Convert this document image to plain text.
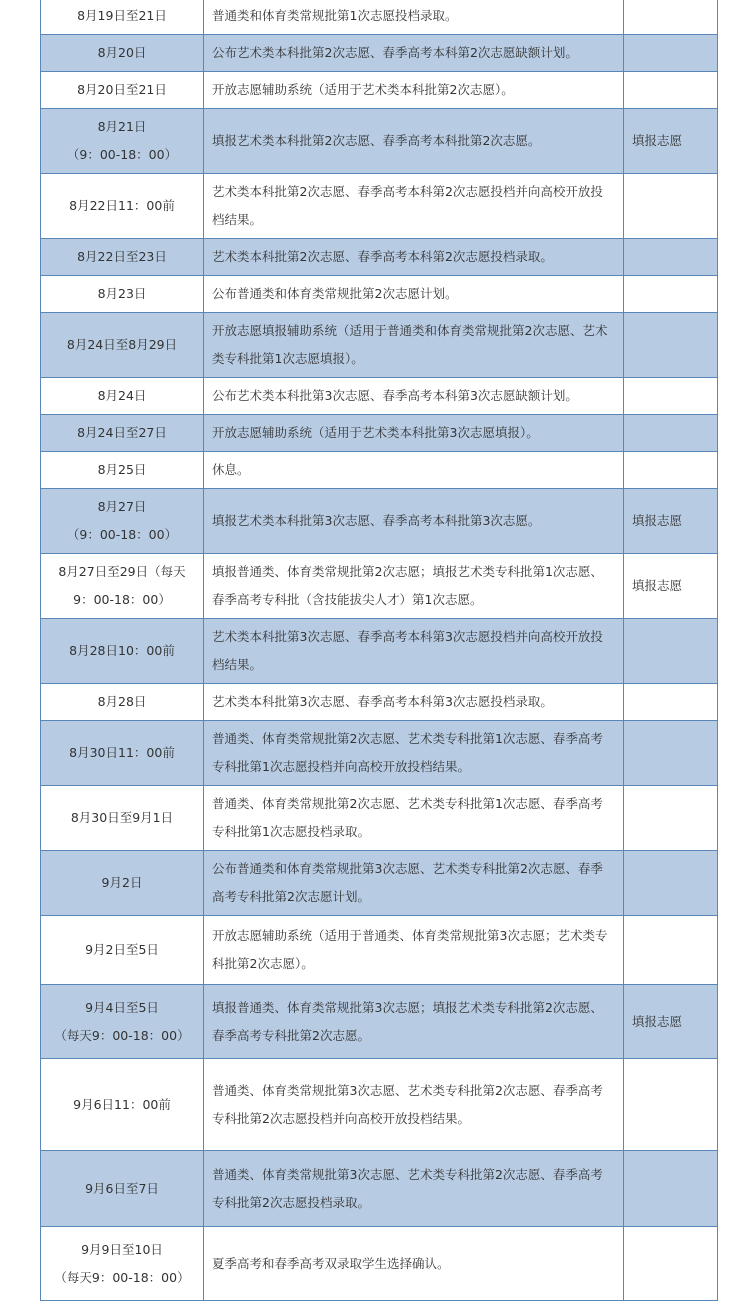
8月19日至21日	普通类和体育类常规批第1次志愿投档录取。	

8月20日	公布艺术类本科批第2次志愿、春季高考本科第2次志愿缺额计划。	

8月20日至21日	开放志愿辅助系统（适用于艺术类本科批第2次志愿）。	

8月21日
（9：00-18：00）	填报艺术类本科批第2次志愿、春季高考本科批第2次志愿。	填报志愿

8月22日11：00前	艺术类本科批第2次志愿、春季高考本科第2次志愿投档并向高校开放投档结果。	

8月22日至23日	艺术类本科批第2次志愿、春季高考本科第2次志愿投档录取。	

8月23日	公布普通类和体育类常规批第2次志愿计划。	

8月24日至8月29日	开放志愿填报辅助系统（适用于普通类和体育类常规批第2次志愿、艺术类专科批第1次志愿填报）。	

8月24日	公布艺术类本科批第3次志愿、春季高考本科第3次志愿缺额计划。	

8月24日至27日	开放志愿辅助系统（适用于艺术类本科批第3次志愿填报）。	

8月25日	休息。	

8月27日
（9：00-18：00）	填报艺术类本科批第3次志愿、春季高考本科批第3次志愿。	填报志愿

8月27日至29日（每天
9：00-18：00）	填报普通类、体育类常规批第2次志愿；填报艺术类专科批第1次志愿、春季高考专科批（含技能拔尖人才）第1次志愿。	填报志愿

8月28日10：00前	艺术类本科批第3次志愿、春季高考本科第3次志愿投档并向高校开放投档结果。	

8月28日	艺术类本科批第3次志愿、春季高考本科第3次志愿投档录取。	

8月30日11：00前	普通类、体育类常规批第2次志愿、艺术类专科批第1次志愿、春季高考专科批第1次志愿投档并向高校开放投档结果。	

8月30日至9月1日	普通类、体育类常规批第2次志愿、艺术类专科批第1次志愿、春季高考专科批第1次志愿投档录取。	

9月2日	公布普通类和体育类常规批第3次志愿、艺术类专科批第2次志愿、春季高考专科批第2次志愿计划。	

9月2日至5日	开放志愿辅助系统（适用于普通类、体育类常规批第3次志愿；艺术类专科批第2次志愿）。	

9月4日至5日
（每天9：00-18：00）	填报普通类、体育类常规批第3次志愿；填报艺术类专科批第2次志愿、春季高考专科批第2次志愿。	填报志愿

9月6日11：00前	普通类、体育类常规批第3次志愿、艺术类专科批第2次志愿、春季高考专科批第2次志愿投档并向高校开放投档结果。	

9月6日至7日	普通类、体育类常规批第3次志愿、艺术类专科批第2次志愿、春季高考专科批第2次志愿投档录取。	

9月9日至10日
（每天9：00-18：00）	夏季高考和春季高考双录取学生选择确认。	
